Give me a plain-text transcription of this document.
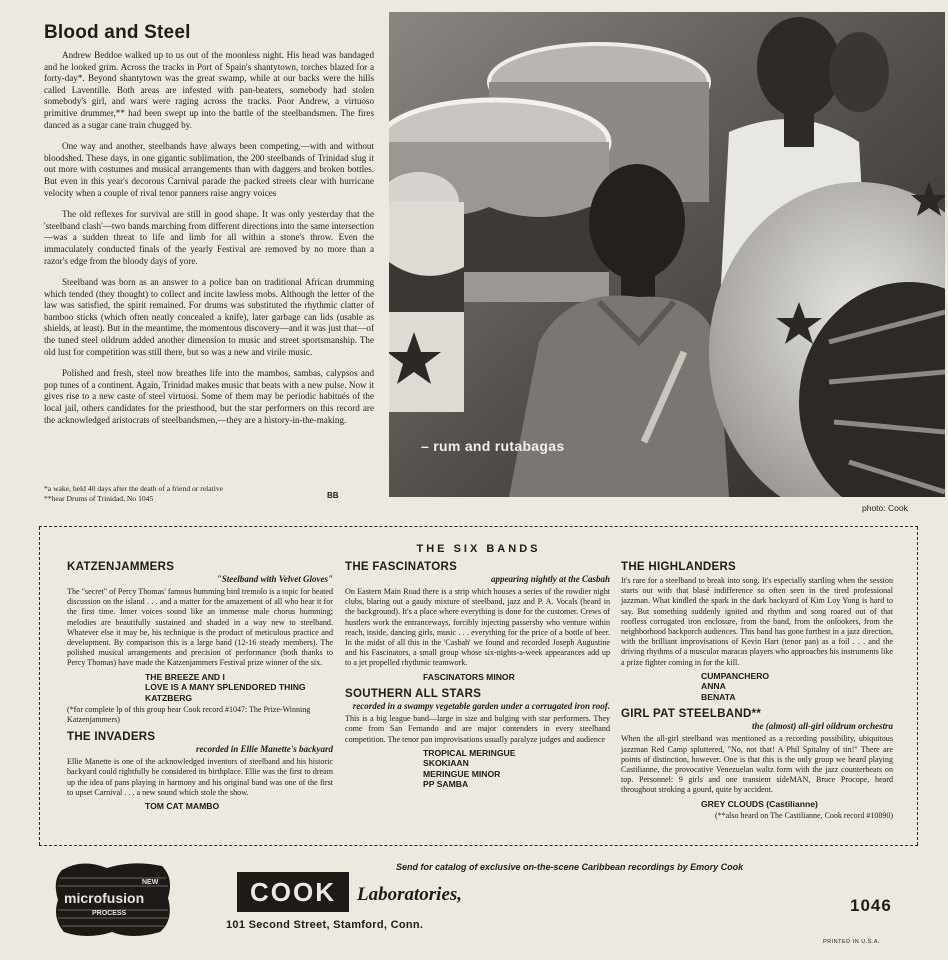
Blood and Steel

Andrew Beddoe walked up to us out of the moonless night. His head was bandaged and he looked grim. Across the tracks in Port of Spain's shantytown, torches blazed for a forty-day*. Beyond shantytown was the great swamp, while at our backs were the hills called Laventille. Both areas are infested with pan-beaters, somebody had stolen somebody's girl, and wars were raging across the tracks. Poor Andrew, a virtuoso primitive drummer,** had been swept up into the battle of the steelbandsmen. The fires danced as a sugar cane train chugged by.

One way and another, steelbands have always been competing,—with and without bloodshed. These days, in one gigantic sublimation, the 200 steelbands of Trinidad slug it out more with costumes and musical arrangements than with daggers and broken bottles. But even in this year's decorous Carnival parade the packed streets clear with hurricane velocity when a couple of rival tenor panners raise angry voices

The old reflexes for survival are still in good shape. It was only yesterday that the 'steelband clash'—two bands marching from different directions into the same intersection—was a sudden threat to life and limb for all within a stone's throw. Even the immaculately conducted finals of the yearly Festival are removed by no more than a razor's edge from the bloody days of yore.

Steelband was born as an answer to a police ban on traditional African drumming which tended (they thought) to collect and incite lawless mobs. Although the letter of the law was satisfied, the spirit remained. For drums was substituted the rhythmic clatter of bamboo sticks (which often neatly concealed a knife), later garbage can lids (usable as shields, at least). But in the meantime, the momentous discovery—and it was just that—of the tuned steel oildrum added another dimension to music and street sportsmanship. The old lust for competition was still there, but so was a new and virile music.

Polished and fresh, steel now breathes life into the mambos, sambas, calypsos and pop tunes of a continent. Again, Trinidad makes music that beats with a new pulse. Now it gives rise to a new caste of steel virtuosi. Some of them may be periodic habitués of the local jail, others candidates for the priesthood, but the star performers on this record are the acknowledged aristocrats of steelbandsmen,—they are a history-in-the-making.

*a wake, held 40 days after the death of a friend or relative
**hear Drums of Trinidad, No 1045	BB
– rum and rutabagas
photo: Cook
THE SIX BANDS
KATZENJAMMERS
"Steelband with Velvet Gloves"
The "secret" of Percy Thomas' famous humming bird tremolo is a topic for heated discussion on the island . . . and a matter for the amazement of all who hear it for the first time. Inner voices sound like an immense male chorus humming; melodies are beautifully sustained and shaded in a way new to steelband. Whatever else it may be, his technique is the product of meticulous practice and development. By comparison this is a large band (12-16 steady members). The polished musical arrangements and precision of performance (both thanks to Percy Thomas) have made the Katzenjammers Festival prize winner of the six.
THE BREEZE AND I
LOVE IS A MANY SPLENDORED THING
KATZBERG
(*for complete lp of this group hear Cook record #1047: The Prize-Winning Katzenjammers)
THE INVADERS
recorded in Ellie Manette's backyard
Ellie Manette is one of the acknowledged inventors of steelband and his historic backyard could rightfully be considered its birthplace. Ellie was the first to dream up the idea of pans playing in harmony and his original band was one of the first to upset Carnival . . . a new sound which stole the show.
TOM CAT MAMBO
THE FASCINATORS
appearing nightly at the Casbah
On Eastern Main Road there is a strip which houses a series of the rowdier night clubs, blaring out a gaudy mixture of steelband, jazz and P. A. Vocals (heard in the background). It's a place where everything is done for the customer. Crews of hustlers work the entranceways, forcibly injecting passersby who venture within reach, inside, dancing girls, music . . . everything for the price of a bottle of beer. In the midst of all this in the 'Casbah' we found and recorded Joseph Augustine and his Fascinators, a small group whose six-nights-a-week appearances add up to a jet propelled rhythmic teamwork.
FASCINATORS MINOR
SOUTHERN ALL STARS
recorded in a swampy vegetable garden under a corrugated iron roof.
This is a big league band—large in size and bulging with star performers. They come from San Fernando and are major contenders in every steelband competition. The tenor pan improvisations usually paralyze judges and audience
TROPICAL MERINGUE
SKOKIAAN
MERINGUE MINOR
PP SAMBA
THE HIGHLANDERS
It's rare for a steelband to break into song. It's especially startling when the session starts out with that blasé indifference so often seen in the tired professional jazzman. What kindled the spark in the dark backyard of Kim Loy Yong is hard to say. But something suddenly ignited and rhythm and song roared out of that roofless corrugated iron enclosure, from the band, from the onlookers, from the neighborhood backporch audiences. This band has gone furthest in a jazz direction, with the brilliant improvisations of Kevin Hart (tenor pan) as a foil . . . and the driving rhythms of a muscular maracas players who approaches his instruments like a prize fighter coming in for the kill.
CUMPANCHERO
ANNA
BENATA
GIRL PAT STEELBAND**
the (almost) all-girl oildrum orchestra
When the all-girl steelband was mentioned as a recording possibility, ubiquitous jazzman Red Camp spluttered, "No, not that! A Phil Spitalny of tin!" There are points of distinction, however. One is that this is the only group we heard playing Castilianne, the provocative Venezuelan waltz form with the jazz counterbeats on top. Personnel: 9 girls and one transient sideMAN, Bruce Procope, heard throughout stroking a gourd, quite by accident.
GREY CLOUDS (Castilianne)
(**also heard on The Castilianne, Cook record #10890)
Send for catalog of exclusive on-the-scene Caribbean recordings by Emory Cook
NEW
microfusion
PROCESS
COOK	Laboratories,
101 Second Street, Stamford, Conn.
1046
PRINTED IN U.S.A.
